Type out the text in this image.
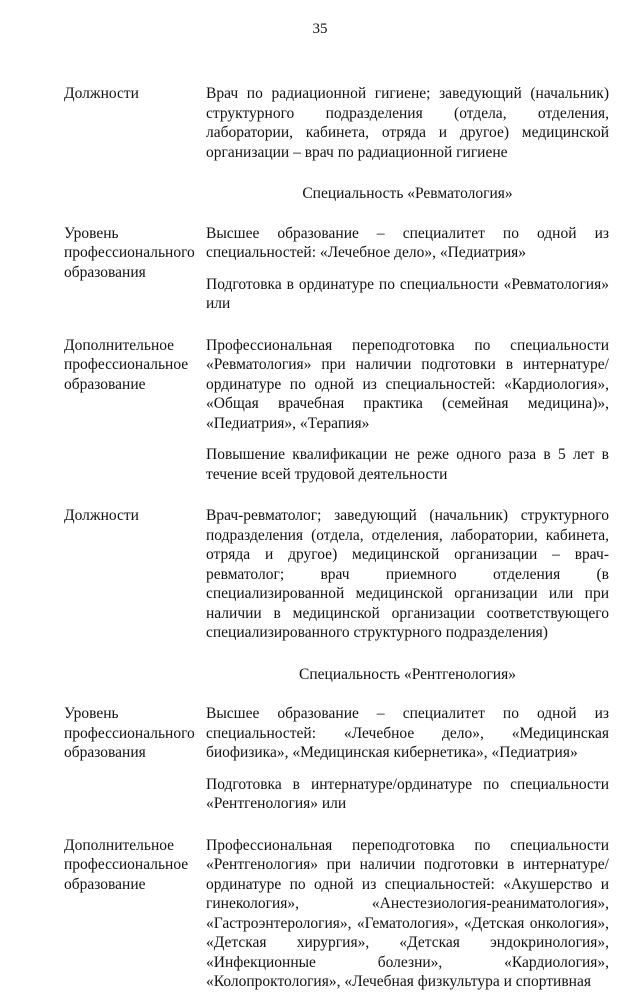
35
Должности	Врач по радиационной гигиене; заведующий (начальник) структурного подразделения (отдела, отделения, лаборатории, кабинета, отряда и другое) медицинской организации – врач по радиационной гигиене

Специальность «Ревматология»
Уровень профессионального образования

Высшее образование – специалитет по одной из специальностей: «Лечебное дело», «Педиатрия»

Подготовка в ординатуре по специальности «Ревматология» или

Дополнительное профессиональное образование

Профессиональная переподготовка по специальности «Ревматология» при наличии подготовки в интернатуре/ординатуре по одной из специальностей: «Кардиология», «Общая врачебная практика (семейная медицина)», «Педиатрия», «Терапия»

Повышение квалификации не реже одного раза в 5 лет в течение всей трудовой деятельности

Должности	Врач-ревматолог; заведующий (начальник) структурного подразделения (отдела, отделения, лаборатории, кабинета, отряда и другое) медицинской организации – врач-ревматолог; врач приемного отделения (в специализированной медицинской организации или при наличии в медицинской организации соответствующего специализированного структурного подразделения)

Специальность «Рентгенология»
Уровень профессионального образования

Высшее образование – специалитет по одной из специальностей: «Лечебное дело», «Медицинская биофизика», «Медицинская кибернетика», «Педиатрия»

Подготовка в интернатуре/ординатуре по специальности «Рентгенология» или

Дополнительное профессиональное образование

Профессиональная переподготовка по специальности «Рентгенология» при наличии подготовки в интернатуре/ординатуре по одной из специальностей: «Акушерство и гинекология», «Анестезиология-реаниматология», «Гастроэнтерология», «Гематология», «Детская онкология», «Детская хирургия», «Детская эндокринология», «Инфекционные болезни», «Кардиология», «Колопроктология», «Лечебная физкультура и спортивная
